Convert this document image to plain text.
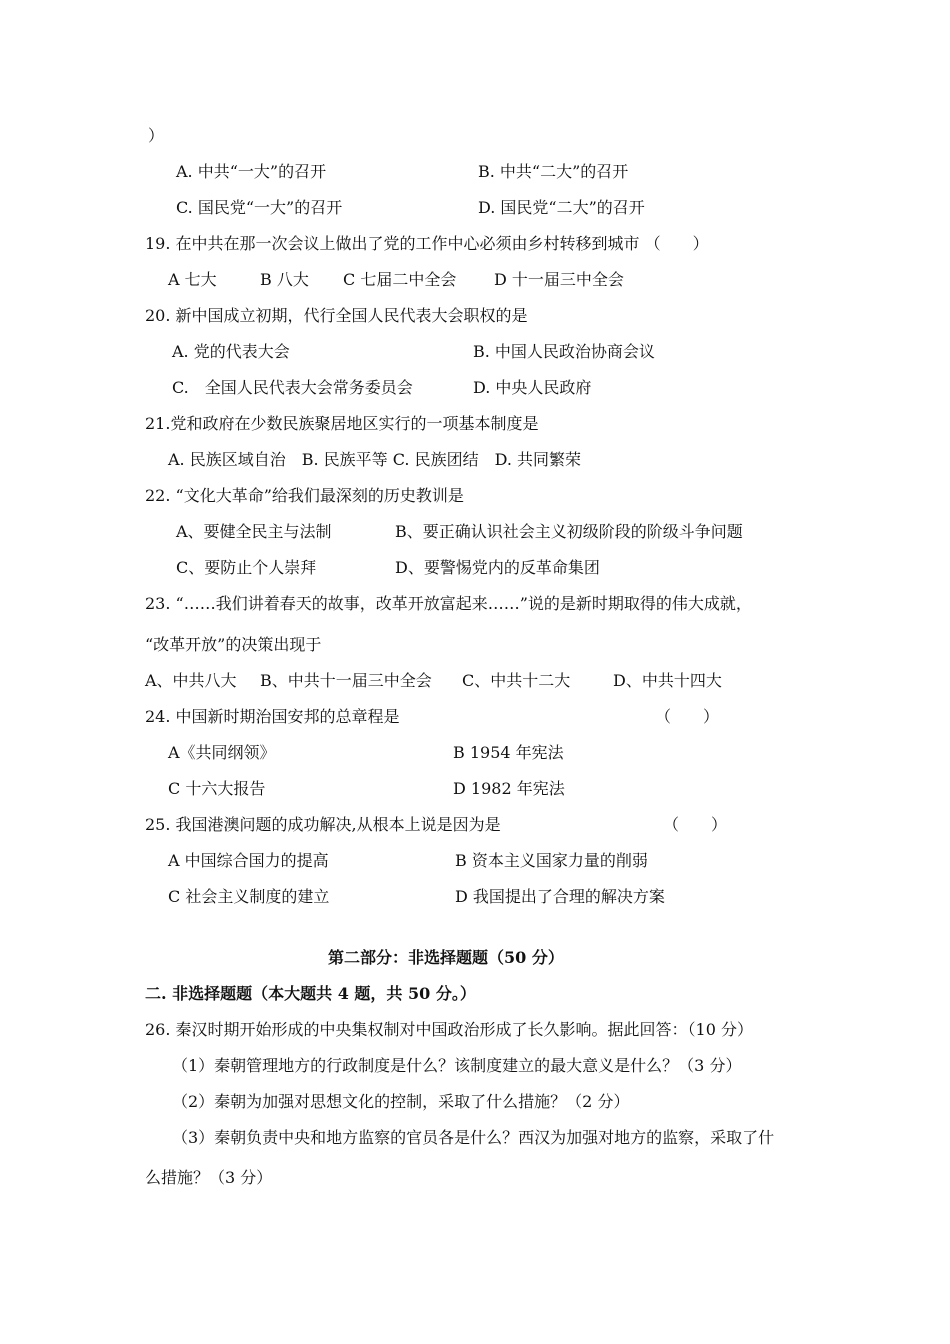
）
A. 中共“一大”的召开	B. 中共“二大”的召开
C. 国民党“一大”的召开	D. 国民党“二大”的召开
19. 在中共在那一次会议上做出了党的工作中心必须由乡村转移到城市 （　　）
A 七大	B 八大 C 七届二中全会 D 十一届三中全会
20. 新中国成立初期，代行全国人民代表大会职权的是
A. 党的代表大会	B. 中国人民政治协商会议
C.　全国人民代表大会常务委员会	D. 中央人民政府
21.党和政府在少数民族聚居地区实行的一项基本制度是
A. 民族区域自治　B. 民族平等 C. 民族团结　D. 共同繁荣
22. “文化大革命”给我们最深刻的历史教训是
A、要健全民主与法制	B、要正确认识社会主义初级阶段的阶级斗争问题
C、要防止个人崇拜	D、要警惕党内的反革命集团
23. “……我们讲着春天的故事，改革开放富起来……”说的是新时期取得的伟大成就，
“改革开放”的决策出现于
A、中共八大 B、中共十一届三中全会 C、中共十二大	D、中共十四大
24. 中国新时期治国安邦的总章程是	（　　）
A《共同纲领》	B 1954 年宪法
C 十六大报告	D 1982 年宪法
25. 我国港澳问题的成功解决,从根本上说是因为是	（　　）
A 中国综合国力的提高	B 资本主义国家力量的削弱
C 社会主义制度的建立	D 我国提出了合理的解决方案
第二部分：非选择题题（50 分）
二. 非选择题题（本大题共 4 题，共 50 分。）
26. 秦汉时期开始形成的中央集权制对中国政治形成了长久影响。据此回答：（10 分）
（1）秦朝管理地方的行政制度是什么？该制度建立的最大意义是什么？（3 分）
（2）秦朝为加强对思想文化的控制，采取了什么措施？（2 分）
（3）秦朝负责中央和地方监察的官员各是什么？西汉为加强对地方的监察，采取了什
么措施？（3 分）
